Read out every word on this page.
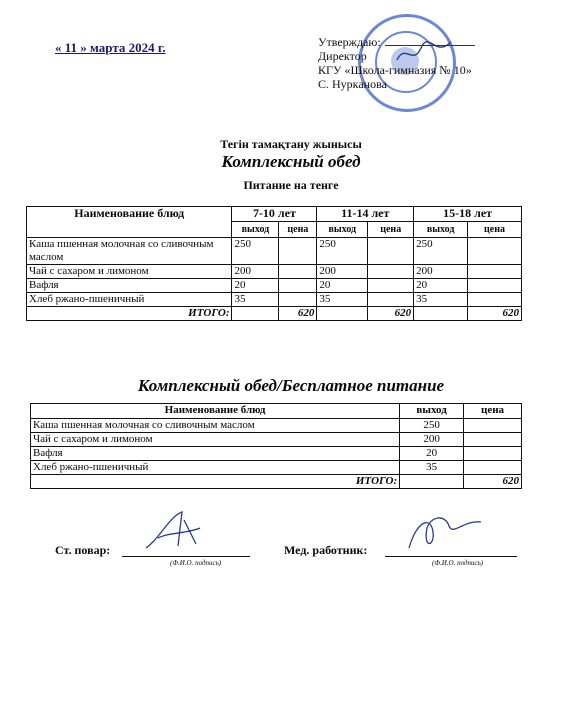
« 11 » марта 2024 г.	Утверждаю:
Директор
КГУ «Школа-гимназия № 10»
С. Нурканова
Тегін тамақтану жынысы
Комплексный обед
Питание на тенге
Наименование блюд	7-10 лет		11-14 лет		15-18 лет	
	выход	цена	выход	цена	выход	цена
Каша пшенная молочная со сливочным маслом	250		250		250	
Чай с сахаром и лимоном	200		200		200	
Вафля	20		20		20	
Хлеб ржано-пшеничный	35		35		35	
ИТОГО:		620		620		620
Комплексный обед/Бесплатное питание
Наименование блюд	выход	цена
Каша пшенная молочная со сливочным маслом	250	
Чай с сахаром и лимоном	200	
Вафля	20	
Хлеб ржано-пшеничный	35	
ИТОГО:		620
Ст. повар:
(Ф.И.О. подпись)
Мед. работник:
(Ф.И.О. подпись)
